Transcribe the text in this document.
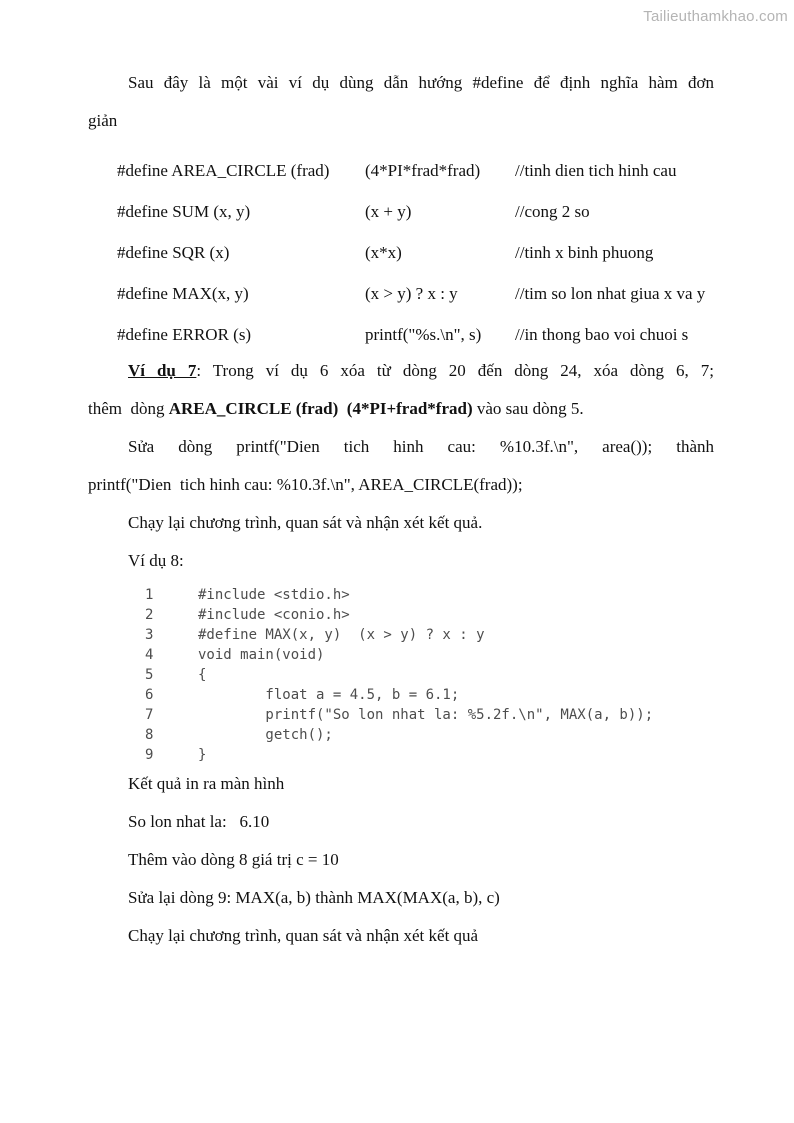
Tailieuthamkhao.com

Sau đây là một vài ví dụ dùng dẫn hướng #define để định nghĩa hàm đơn
giản

#define AREA_CIRCLE (frad)	(4*PI*frad*frad)	//tinh dien tich hinh cau
#define SUM (x, y)	(x + y)	//cong 2 so
#define SQR (x)	(x*x)	//tinh x binh phuong
#define MAX(x, y)	(x > y) ? x : y	//tim so lon nhat giua x va y
#define ERROR (s)	printf("%s.\n", s)	//in thong bao voi chuoi s

Ví dụ 7: Trong ví dụ 6 xóa từ dòng 20 đến dòng 24, xóa dòng 6, 7;
thêm  dòng AREA_CIRCLE (frad)  (4*PI+frad*frad) vào sau dòng 5.

Sửa dòng printf("Dien tich hinh cau: %10.3f.\n", area()); thành
printf("Dien  tich hinh cau: %10.3f.\n", AREA_CIRCLE(frad));

Chạy lại chương trình, quan sát và nhận xét kết quả.

Ví dụ 8:

1	#include <stdio.h>
2	#include <conio.h>
3	#define MAX(x, y)  (x > y) ? x : y
4	void main(void)
5	{
6	float a = 4.5, b = 6.1;
7	printf("So lon nhat la: %5.2f.\n", MAX(a, b));
8	getch();
9	}

Kết quả in ra màn hình

So lon nhat la:   6.10

Thêm vào dòng 8 giá trị c = 10

Sửa lại dòng 9: MAX(a, b) thành MAX(MAX(a, b), c)

Chạy lại chương trình, quan sát và nhận xét kết quả
